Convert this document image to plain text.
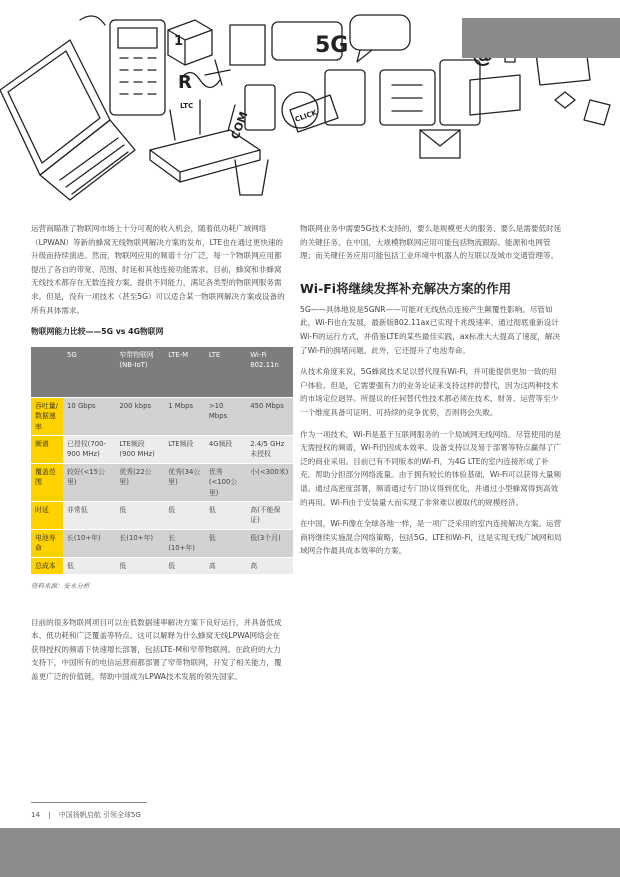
1
R
LTC
COM	CLICK
5G

运营商瞄准了物联网市场上十分可观的收入机会，随着低功耗广域网络（LPWAN）等新的蜂窝无线物联网解决方案的发布，LTE也在通过更快速的升级而持续演进。然而，物联网应用的频谱十分广泛，每一个物联网应用都提出了各自的带宽、范围、时延和其他连接功能需求。目前，蜂窝和非蜂窝无线技术都存在无数连接方案，提供不同能力，满足各类型的物联网服务需求。但是，没有一项技术（甚至5G）可以适合某一物联网解决方案或设备的所有具体需求。

物联网能力比较——5G vs 4G物联网
	5G	窄带物联网(NB-IoT)	LTE-M	LTE	Wi-Fi 802.11n
吞吐量/数据速率	10 Gbps	200 kbps	1 Mbps	>10 Mbps	450 Mbps
频谱	已授权(700-900 MHz)	LTE频段(900 MHz)	LTE频段	4G频段	2.4/5 GHz未授权
覆盖范围	较好(<15公里)	优秀(22公里)	优秀(34公里)	优秀(<100公里)	小(<300米)
时延	非常低	低	低	低	高(不能保证)
电池寿命	长(10+年)	长(10+年)	长(10+年)	低	低(3个月)
总成本	低	低	低	高	高
资料来源：安永分析

目前的很多物联网项目可以在低数据速率解决方案下良好运行，并具备低成本、低功耗和广泛覆盖等特点。这可以解释为什么蜂窝无线LPWA网络会在获得授权的频谱下快速增长部署，包括LTE-M和窄带物联网。在政府的大力支持下，中国所有的电信运营商都部署了窄带物联网，开发了相关能力，覆盖更广泛的价值链，帮助中国成为LPWA技术发展的领先国家。

物联网业务中需要5G技术支持的，要么是规模更大的服务、要么是需要低时延的关键任务。在中国，大规模物联网应用可能包括物流跟踪、能源和电网管理；而关键任务应用可能包括工业环境中机器人的互联以及城市交通管理等。

Wi-Fi将继续发挥补充解决方案的作用

5G——具体地说是5GNR——可能对无线热点连接产生颠覆性影响。尽管如此，Wi-Fi也在发展，最新版802.11ax已实现千兆级速率。通过彻底重新设计Wi-Fi的运行方式，并借鉴LTE的某些最佳实践，ax标准大大提高了速度，解决了Wi-Fi的拥堵问题。此外，它还提升了电池寿命。

从技术角度来说，5G蜂窝技术足以替代现有Wi-Fi，并可能提供更加一致的用户体验。但是，它需要强有力的业务论证来支持这样的替代，因为这两种技术的市场定位迥异。所提议的任何替代性技术都必须在技术、财务、运营等至少一个维度具备可证明、可持续的竞争优势，否则将会失败。

作为一项技术，Wi-Fi是基于互联网服务的一个局域网无线网络。尽管使用的是无需授权的频谱，Wi-Fi仍因成本效率、设备支持以及易于部署等特点赢得了广泛的商业采用。目前已有不同版本的Wi-Fi，为4G LTE的室内连接形成了补充，帮助分担部分网络流量。由于拥有较长的体验基础，Wi-Fi可以获得大量频谱。通过高密度部署，频谱通过专门协议得到优化，并通过小型蜂窝得到高效的再用。Wi-Fi由于安装量大而实现了非常难以被取代的规模经济。

在中国，Wi-Fi像在全球各地一样，是一项广泛采用的室内连接解决方案。运营商将继续实施混合网络策略，包括5G、LTE和Wi-Fi，这是实现无线广域网和局域网合作最具成本效率的方案。

14 | 中国扬帆启航 引领全球5G
